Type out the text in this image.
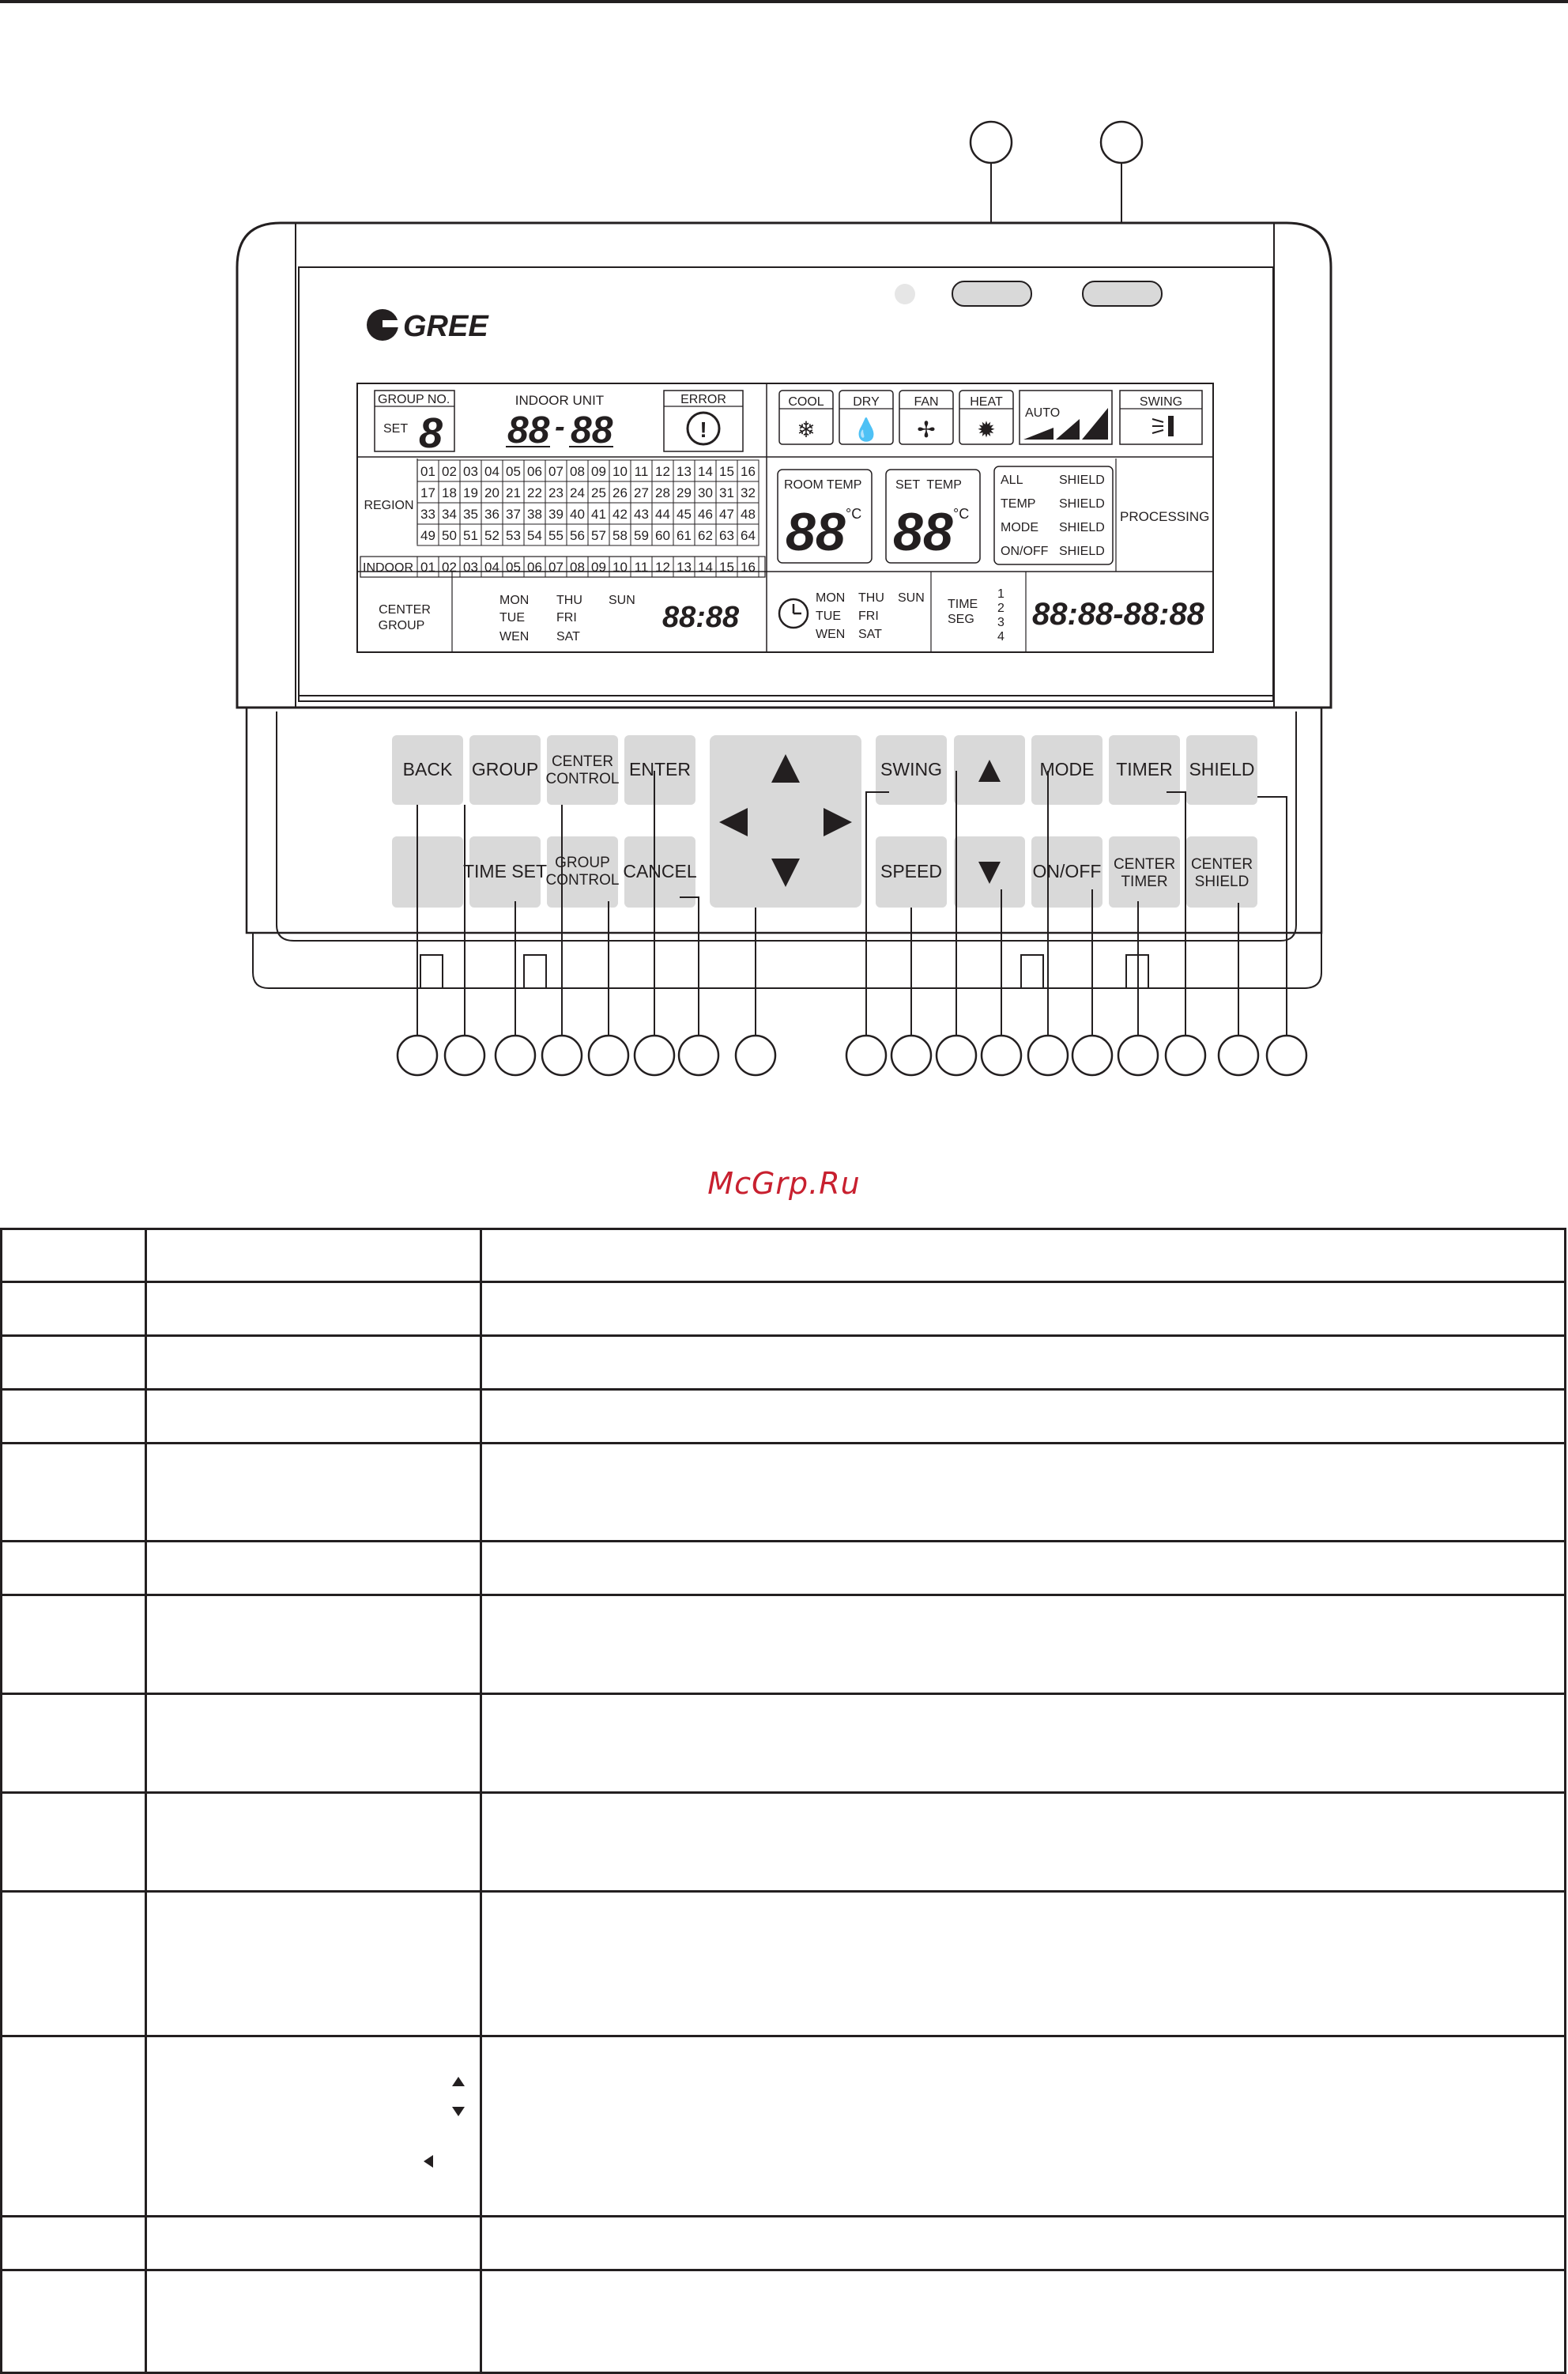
GREE
GROUP NO.
SET 8
INDOOR UNIT
88 - 88
ERROR
!
COOL
❄
DRY
💧
FAN
✢
HEAT
✹
AUTO
SWING
REGION
01 02 03 04 05 06 07 08 09 10 11 12 13 14 15 16
17 18 19 20 21 22 23 24 25 26 27 28 29 30 31 32
33 34 35 36 37 38 39 40 41 42 43 44 45 46 47 48
49 50 51 52 53 54 55 56 57 58 59 60 61 62 63 64
INDOOR 01 02 03 04 05 06 07 08 09 10 11 12 13 14 15 16
ROOM TEMP
88 °C
SET  TEMP
88 °C
ALL	SHIELD
TEMP SHIELD
MODE SHIELD
ON/OFF SHIELD
PROCESSING
CENTER
GROUP
MON THU SUN
TUE	FRI
WEN SAT
88:88
MON THU SUN
TUE FRI
WEN SAT
TIME
SEG
1
2
3
4
88:88-88:88
BACK GROUP CENTER
CONTROL ENTER	SWING	MODE TIMER SHIELD
TIME SET GROUP
CONTROL CANCEL	SPEED	ON/OFF CENTER
TIMER
CENTER
SHIELD
McGrp.Ru
